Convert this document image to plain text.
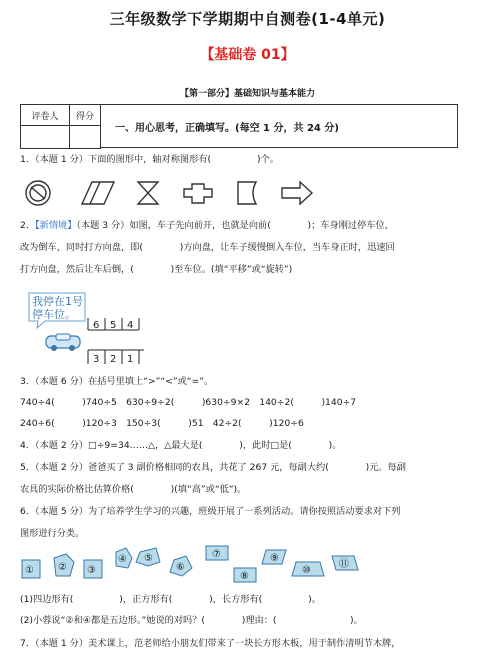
三年级数学下学期期中自测卷(1-4单元)
【基础卷 01】
【第一部分】基础知识与基本能力
评卷人	得分

一、用心思考，正确填写。(每空 1 分，共 24 分)
1．（本题 1 分）下面的图形中，轴对称图形有(　　　　　)个。
2．【新情境】（本题 3 分）如图，车子先向前开，也就是向前(　　　　)；车身刚过停车位，
改为倒车，同时打方向盘，即(　　　　)方向盘，让车子缓慢倒入车位，当车身正时，迅速回
打方向盘，然后让车后倒，(　　　　)至车位。(填“平移”或“旋转”)
我停在1号
停车位。
6 5 4
3 2 1
3．（本题 6 分）在括号里填上“>”“<”或“=”。
740÷4(　　　)740÷5　630÷9÷2(　　　)630÷9×2　140÷2(　　　)140÷7
240÷6(　　　)120÷3　150÷3(　　　)51　42÷2(　　　)120÷6
4．（本题 2 分）□÷9=34……△，△最大是(　　　　)，此时□是(　　　　)。
5．（本题 2 分）爸爸买了 3 副价格相同的农具，共花了 267 元，每副大约(　　　　)元。每副
农具的实际价格比估算价格(　　　　)(填“高”或“低”)。
6．（本题 5 分）为了培养学生学习的兴趣，班级开展了一系列活动。请你按照活动要求对下列
图形进行分类。
① ② ③
④ ⑤
⑥
⑦
⑧
⑨
⑩
⑪
(1)四边形有(　　　　　)，正方形有(　　　　)，长方形有(　　　　　)。
(2)小蓉说“②和④都是五边形。”她说的对吗？(　　　　)理由：(　　　　　　　　)。
7．（本题 1 分）美术课上，范老师给小朋友们带来了一块长方形木板，用于制作清明节木牌，
